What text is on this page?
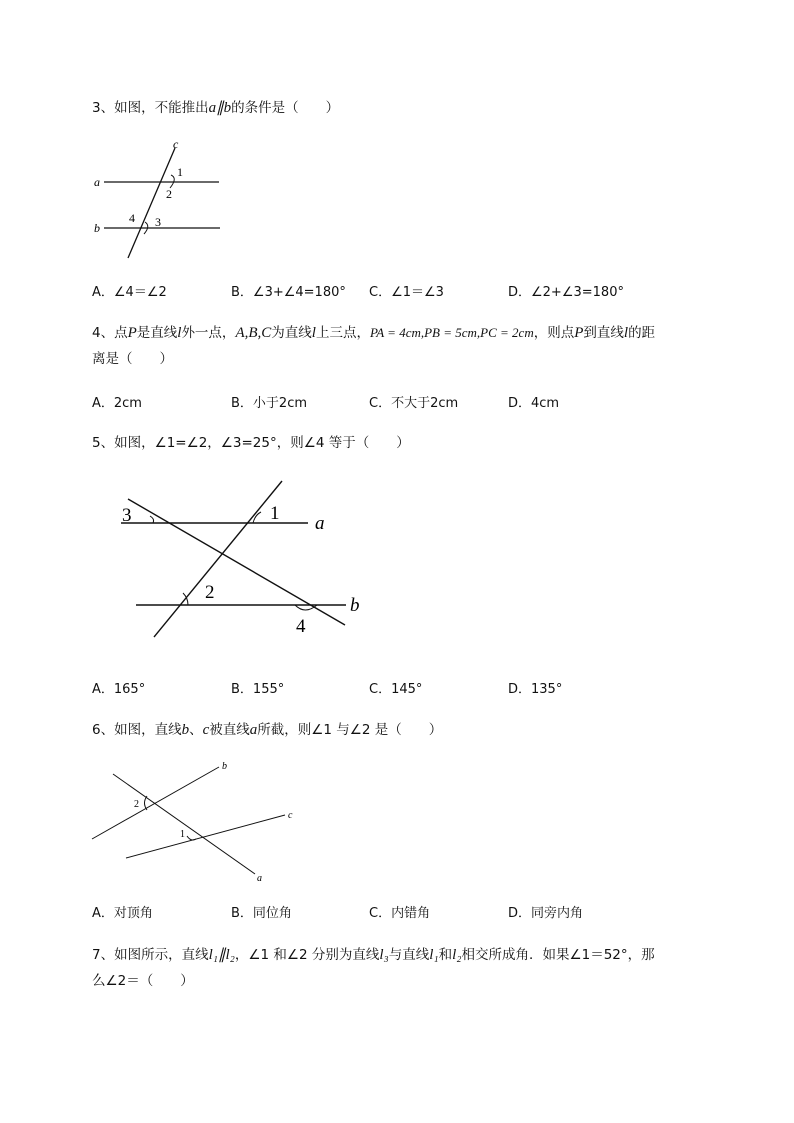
3、如图，不能推出a∥b的条件是（　　）
c
a
b
1
2
3
4
A．∠4＝∠2	B．∠3+∠4=180° C．∠1＝∠3	D．∠2+∠3=180°
4、点P是直线l外一点，A,B,C为直线l上三点，PA = 4cm,PB = 5cm,PC = 2cm，则点P到直线l的距
离是（　　）
A．2cm	B．小于2cm	C．不大于2cm	D．4cm
5、如图，∠1=∠2，∠3=25°，则∠4 等于（　　）
3	1 a
2
b
4
A．165°	B．155°	C．145°	D．135°
6、如图，直线b、c被直线a所截，则∠1 与∠2 是（　　）
b
c
a
2
1
A．对顶角	B．同位角	C．内错角	D．同旁内角
7、如图所示，直线l₁∥l₂，∠1 和∠2 分别为直线l₃与直线l₁和l₂相交所成角．如果∠1＝52°，那
么∠2＝（　　）
